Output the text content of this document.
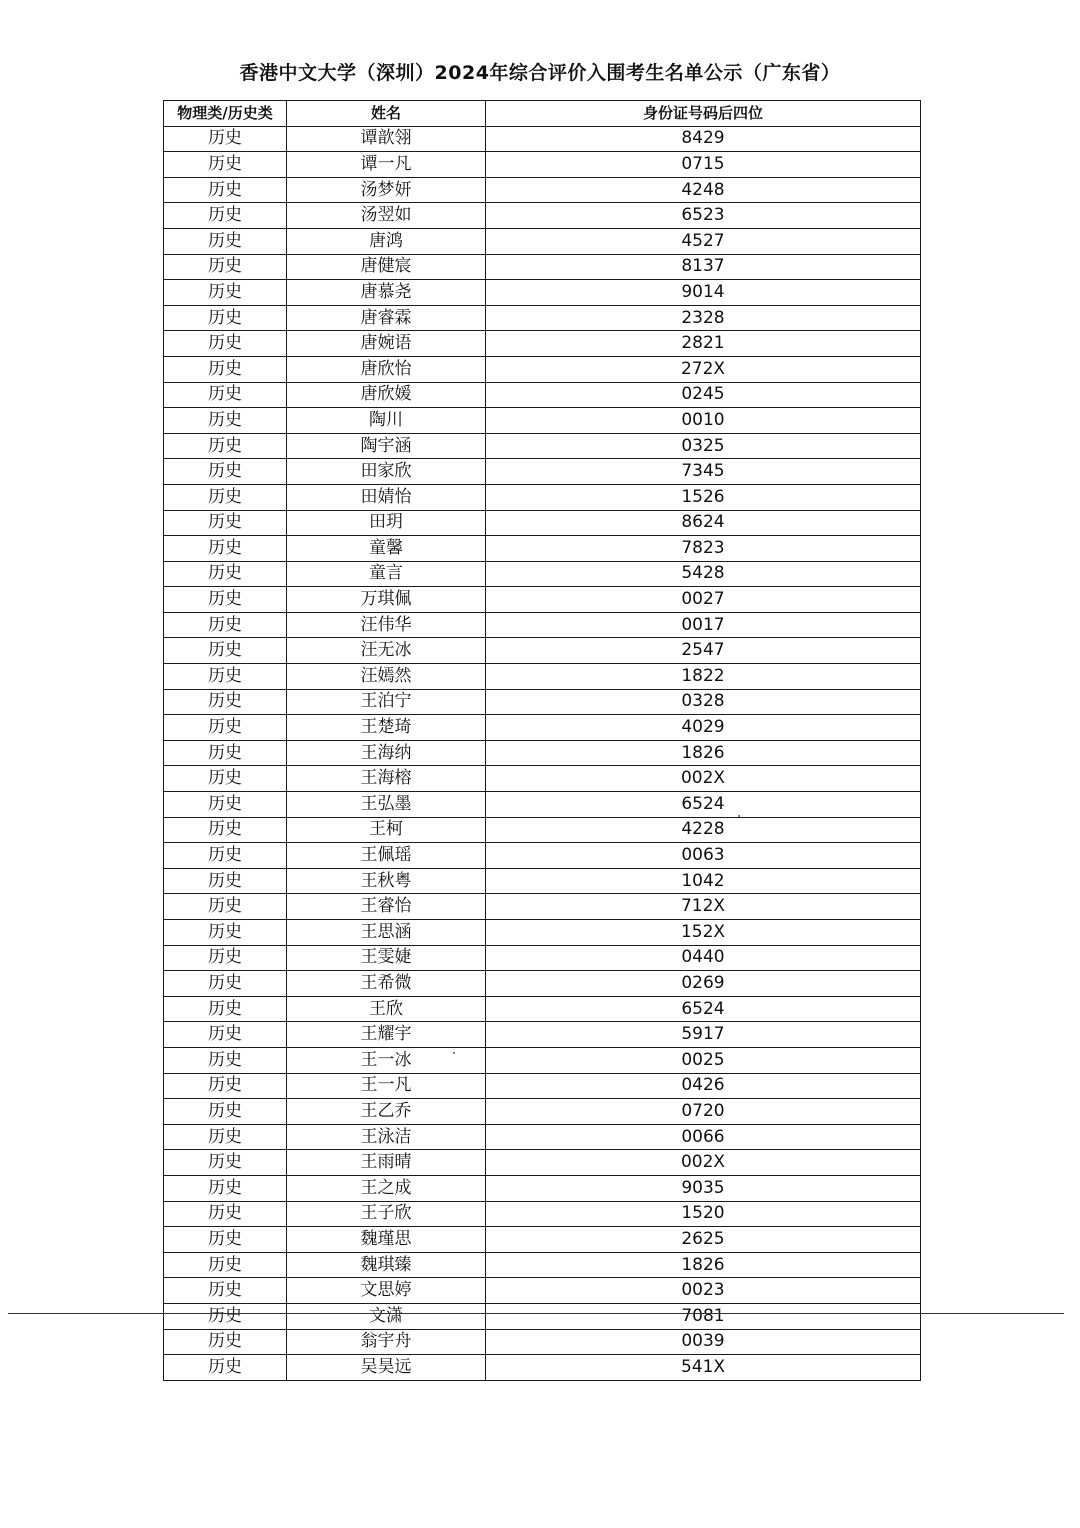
香港中文大学（深圳）2024年综合评价入围考生名单公示（广东省）
物理类/历史类	姓名	身份证号码后四位
历史	谭歆翎	8429
历史	谭一凡	0715
历史	汤梦妍	4248
历史	汤翌如	6523
历史	唐鸿	4527
历史	唐健宸	8137
历史	唐慕尧	9014
历史	唐睿霖	2328
历史	唐婉语	2821
历史	唐欣怡	272X
历史	唐欣媛	0245
历史	陶川	0010
历史	陶宇涵	0325
历史	田家欣	7345
历史	田婧怡	1526
历史	田玥	8624
历史	童馨	7823
历史	童言	5428
历史	万琪佩	0027
历史	汪伟华	0017
历史	汪无冰	2547
历史	汪嫣然	1822
历史	王泊宁	0328
历史	王楚琦	4029
历史	王海纳	1826
历史	王海榕	002X
历史	王弘墨	6524
历史	王柯	4228
历史	王佩瑶	0063
历史	王秋粤	1042
历史	王睿怡	712X
历史	王思涵	152X
历史	王雯婕	0440
历史	王希微	0269
历史	王欣	6524
历史	王耀宇	5917
历史	王一冰	0025
历史	王一凡	0426
历史	王乙乔	0720
历史	王泳洁	0066
历史	王雨晴	002X
历史	王之成	9035
历史	王子欣	1520
历史	魏瑾思	2625
历史	魏琪臻	1826
历史	文思婷	0023
历史	文潇	7081
历史	翁宇舟	0039
历史	吴昊远	541X
